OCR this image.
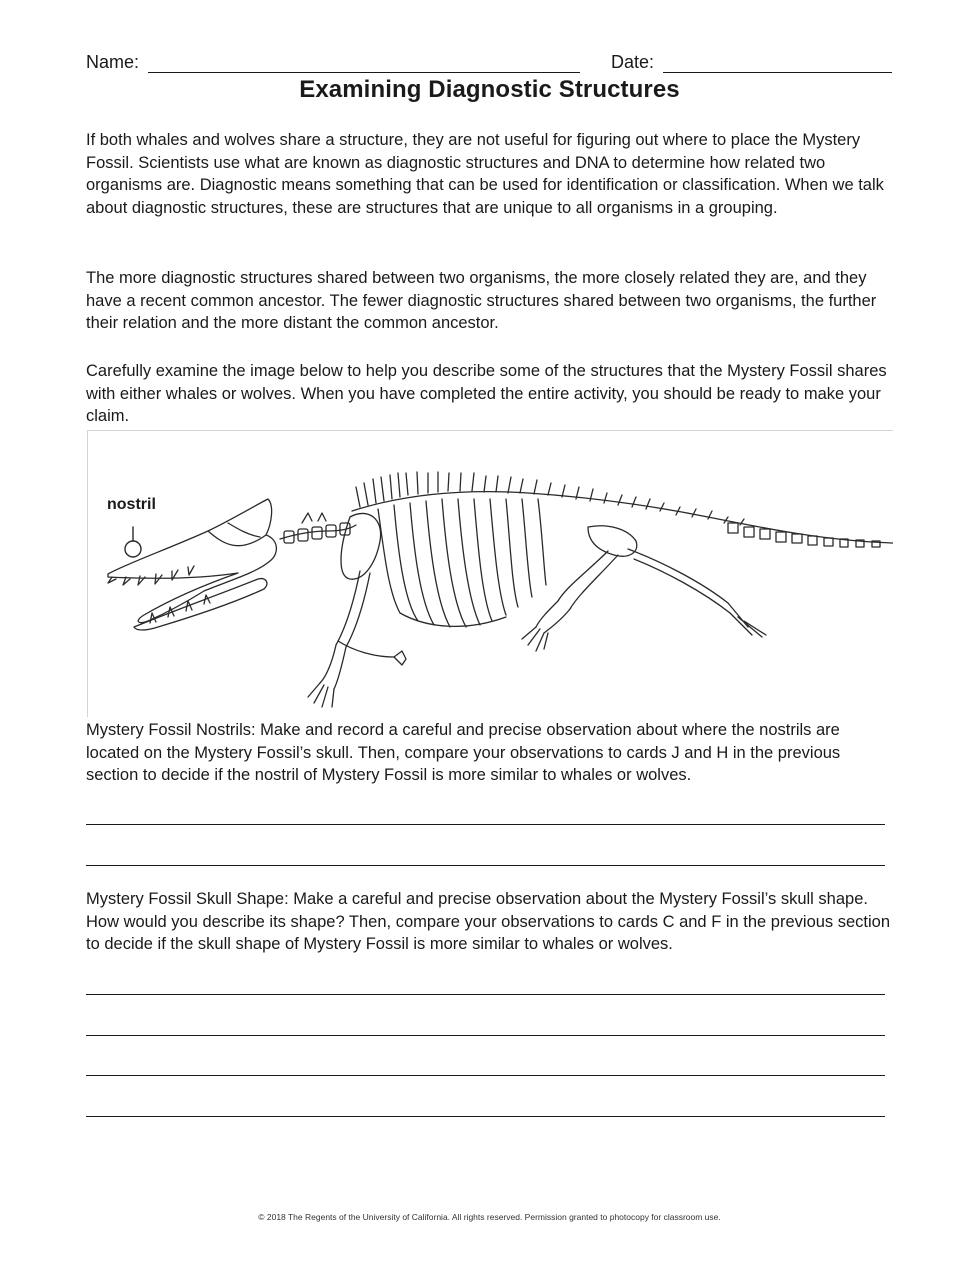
Name:	Date:
Examining Diagnostic Structures

If both whales and wolves share a structure, they are not useful for figuring out where to place the Mystery Fossil. Scientists use what are known as diagnostic structures and DNA to determine how related two organisms are. Diagnostic means something that can be used for identification or classification. When we talk about diagnostic structures, these are structures that are unique to all organisms in a grouping.

The more diagnostic structures shared between two organisms, the more closely related they are, and they have a recent common ancestor. The fewer diagnostic structures shared between two organisms, the further their relation and the more distant the common ancestor.

Carefully examine the image below to help you describe some of the structures that the Mystery Fossil shares with either whales or wolves. When you have completed the entire activity, you should be ready to make your claim.

nostril

Mystery Fossil Nostrils: Make and record a careful and precise observation about where the nostrils are located on the Mystery Fossil’s skull. Then, compare your observations to cards J and H in the previous section to decide if the nostril of Mystery Fossil is more similar to whales or wolves.

Mystery Fossil Skull Shape: Make a careful and precise observation about the Mystery Fossil’s skull shape. How would you describe its shape? Then, compare your observations to cards C and F in the previous section to decide if the skull shape of Mystery Fossil is more similar to whales or wolves.

© 2018 The Regents of the University of California. All rights reserved. Permission granted to photocopy for classroom use.
